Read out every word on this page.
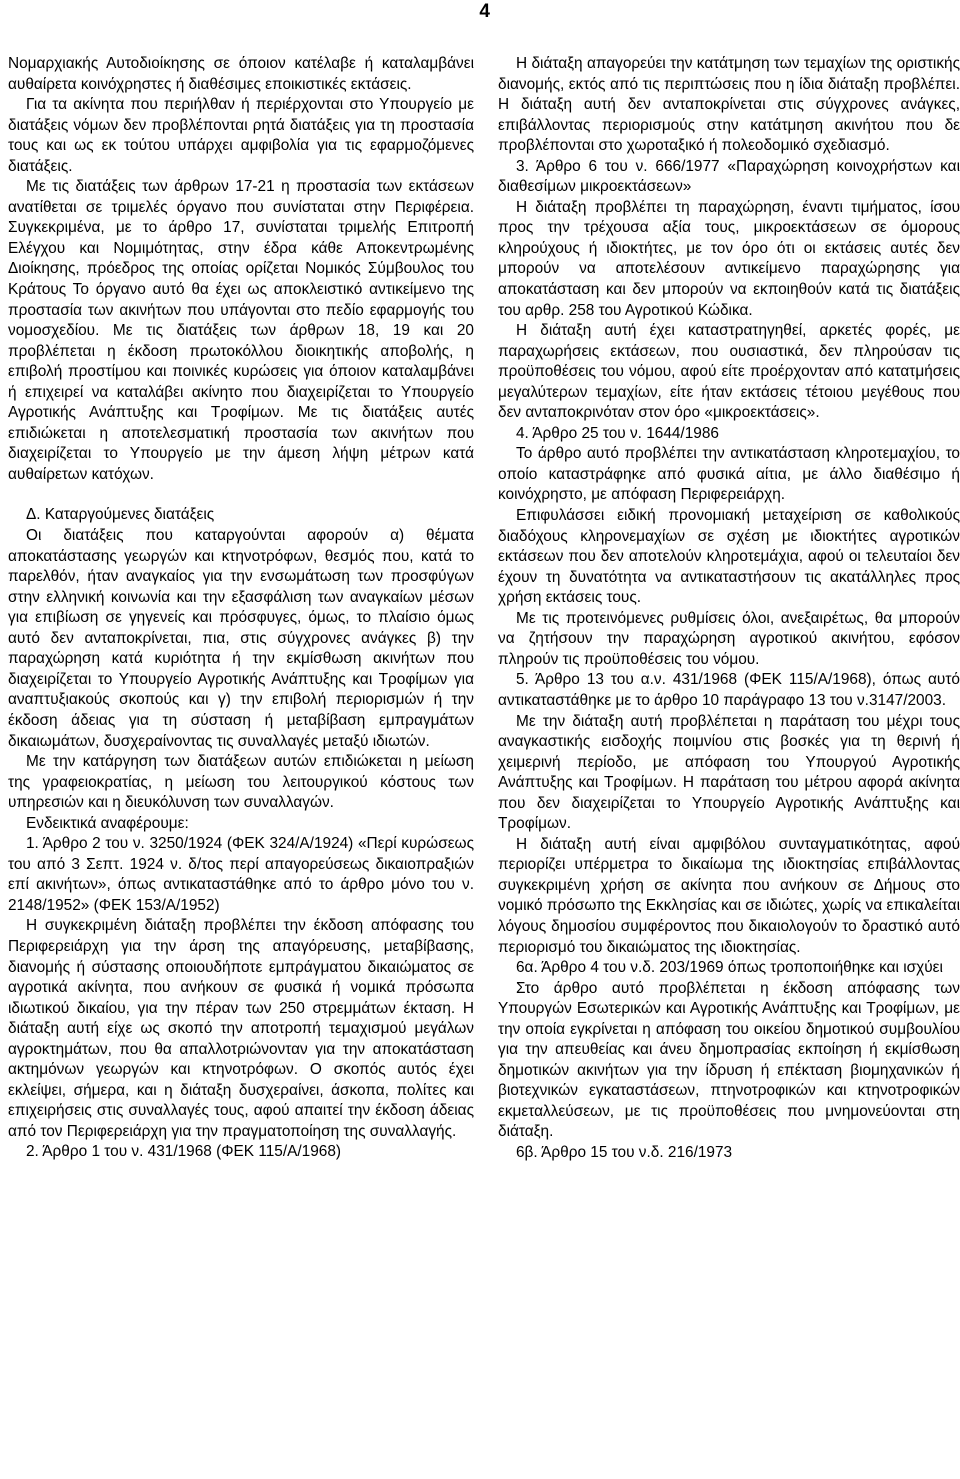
4

Νομαρχιακής Αυτοδιοίκησης σε όποιον κατέλαβε ή καταλαμβάνει αυθαίρετα κοινόχρηστες ή διαθέσιμες εποικιστικές εκτάσεις.

Για τα ακίνητα που περιήλθαν ή περιέρχονται στο Υπουργείο με διατάξεις νόμων δεν προβλέπονται ρητά διατάξεις για τη προστασία τους και ως εκ τούτου υπάρχει αμφιβολία για τις εφαρμοζόμενες διατάξεις.

Με τις διατάξεις των άρθρων 17-21 η προστασία των εκτάσεων ανατίθεται σε τριμελές όργανο που συνίσταται στην Περιφέρεια. Συγκεκριμένα, με το άρθρο 17, συνίσταται τριμελής Επιτροπή Ελέγχου και Νομιμότητας, στην έδρα κάθε Αποκεντρωμένης Διοίκησης, πρόεδρος της οποίας ορίζεται Νομικός Σύμβουλος του Κράτους Το όργανο αυτό θα έχει ως αποκλειστικό αντικείμενο της προστασία των ακινήτων που υπάγονται στο πεδίο εφαρμογής του νομοσχεδίου. Με τις διατάξεις των άρθρων 18, 19 και 20 προβλέπεται η έκδοση πρωτοκόλλου διοικητικής αποβολής, η επιβολή προστίμου και ποινικές κυρώσεις για όποιον καταλαμβάνει ή επιχειρεί να καταλάβει ακίνητο που διαχειρίζεται το Υπουργείο Αγροτικής Ανάπτυξης και Τροφίμων. Με τις διατάξεις αυτές επιδιώκεται η αποτελεσματική προστασία των ακινήτων που διαχειρίζεται το Υπουργείο με την άμεση λήψη μέτρων κατά αυθαίρετων κατόχων.

Δ. Καταργούμενες διατάξεις

Οι διατάξεις που καταργούνται αφορούν α) θέματα αποκατάστασης γεωργών και κτηνοτρόφων, θεσμός που, κατά το παρελθόν, ήταν αναγκαίος για την ενσωμάτωση των προσφύγων στην ελληνική κοινωνία και την εξασφάλιση των αναγκαίων μέσων για επιβίωση σε γηγενείς και πρόσφυγες, όμως, το πλαίσιο όμως αυτό δεν ανταποκρίνεται, πια, στις σύγχρονες ανάγκες β) την παραχώρηση κατά κυριότητα ή την εκμίσθωση ακινήτων που διαχειρίζεται το Υπουργείο Αγροτικής Ανάπτυξης και Τροφίμων για αναπτυξιακούς σκοπούς και γ) την επιβολή περιορισμών ή την έκδοση άδειας για τη σύσταση ή μεταβίβαση εμπραγμάτων δικαιωμάτων, δυσχεραίνοντας τις συναλλαγές μεταξύ ιδιωτών.

Με την κατάργηση των διατάξεων αυτών επιδιώκεται η μείωση της γραφειοκρατίας, η μείωση του λειτουργικού κόστους των υπηρεσιών και η διευκόλυνση των συναλλαγών.

Ενδεικτικά αναφέρουμε:

1. Άρθρο 2 του ν. 3250/1924 (ΦΕΚ 324/Α/1924) «Περί κυρώσεως του από 3 Σεπτ. 1924 ν. δ/τος περί απαγορεύσεως δικαιοπραξιών επί ακινήτων», όπως αντικαταστάθηκε από το άρθρο μόνο του ν. 2148/1952» (ΦΕΚ 153/Α/1952)

Η συγκεκριμένη διάταξη προβλέπει την έκδοση απόφασης του Περιφερειάρχη για την άρση της απαγόρευσης, μεταβίβασης, διανομής ή σύστασης οποιουδήποτε εμπράγματου δικαιώματος σε αγροτικά ακίνητα, που ανήκουν σε φυσικά ή νομικά πρόσωπα ιδιωτικού δικαίου, για την πέραν των 250 στρεμμάτων έκταση. Η διάταξη αυτή είχε ως σκοπό την αποτροπή τεμαχισμού μεγάλων αγροκτημάτων, που θα απαλλοτριώνονταν για την αποκατάσταση ακτημόνων γεωργών και κτηνοτρόφων. Ο σκοπός αυτός έχει εκλείψει, σήμερα, και η διάταξη δυσχεραίνει, άσκοπα, πολίτες και επιχειρήσεις στις συναλλαγές τους, αφού απαιτεί την έκδοση άδειας από τον Περιφερειάρχη για την πραγματοποίηση της συναλλαγής.

2. Άρθρο 1 του ν. 431/1968 (ΦΕΚ 115/Α/1968)

Η διάταξη απαγορεύει την κατάτμηση των τεμαχίων της οριστικής διανομής, εκτός από τις περιπτώσεις που η ίδια διάταξη προβλέπει. Η διάταξη αυτή δεν ανταποκρίνεται στις σύγχρονες ανάγκες, επιβάλλοντας περιορισμούς στην κατάτμηση ακινήτου που δε προβλέπονται στο χωροταξικό ή πολεοδομικό σχεδιασμό.

3. Άρθρο 6 του ν. 666/1977 «Παραχώρηση κοινοχρήστων και διαθεσίμων μικροεκτάσεων»

Η διάταξη προβλέπει τη παραχώρηση, έναντι τιμήματος, ίσου προς την τρέχουσα αξία τους, μικροεκτάσεων σε όμορους κληρούχους ή ιδιοκτήτες, με τον όρο ότι οι εκτάσεις αυτές δεν μπορούν να αποτελέσουν αντικείμενο παραχώρησης για αποκατάσταση και δεν μπορούν να εκποιηθούν κατά τις διατάξεις του αρθρ. 258 του Αγροτικού Κώδικα.

Η διάταξη αυτή έχει καταστρατηγηθεί, αρκετές φορές, με παραχωρήσεις εκτάσεων, που ουσιαστικά, δεν πληρούσαν τις προϋποθέσεις του νόμου, αφού είτε προέρχονταν από κατατμήσεις μεγαλύτερων τεμαχίων, είτε ήταν εκτάσεις τέτοιου μεγέθους που δεν ανταποκρινόταν στον όρο «μικροεκτάσεις».

4. Άρθρο 25 του ν. 1644/1986

Το άρθρο αυτό προβλέπει την αντικατάσταση κληροτεμαχίου, το οποίο καταστράφηκε από φυσικά αίτια, με άλλο διαθέσιμο ή κοινόχρηστο, με απόφαση Περιφερειάρχη.

Επιφυλάσσει ειδική προνομιακή μεταχείριση σε καθολικούς διαδόχους κληρονεμαχίων σε σχέση με ιδιοκτήτες αγροτικών εκτάσεων που δεν αποτελούν κληροτεμάχια, αφού οι τελευταίοι δεν έχουν τη δυνατότητα να αντικαταστήσουν τις ακατάλληλες προς χρήση εκτάσεις τους.

Με τις προτεινόμενες ρυθμίσεις όλοι, ανεξαιρέτως, θα μπορούν να ζητήσουν την παραχώρηση αγροτικού ακινήτου, εφόσον πληρούν τις προϋποθέσεις του νόμου.

5. Άρθρο 13 του α.ν. 431/1968 (ΦΕΚ 115/Α/1968), όπως αυτό αντικαταστάθηκε με το άρθρο 10 παράγραφο 13 του ν.3147/2003.

Με την διάταξη αυτή προβλέπεται η παράταση του μέχρι τους αναγκαστικής εισδοχής ποιμνίου στις βοσκές για τη θερινή ή χειμερινή περίοδο, με απόφαση του Υπουργού Αγροτικής Ανάπτυξης και Τροφίμων. Η παράταση του μέτρου αφορά ακίνητα που δεν διαχειρίζεται το Υπουργείο Αγροτικής Ανάπτυξης και Τροφίμων.

Η διάταξη αυτή είναι αμφιβόλου συνταγματικότητας, αφού περιορίζει υπέρμετρα το δικαίωμα της ιδιοκτησίας επιβάλλοντας συγκεκριμένη χρήση σε ακίνητα που ανήκουν σε Δήμους στο νομικό πρόσωπο της Εκκλησίας και σε ιδιώτες, χωρίς να επικαλείται λόγους δημοσίου συμφέροντος που δικαιολογούν το δραστικό αυτό περιορισμό του δικαιώματος της ιδιοκτησίας.

6α. Άρθρο 4 του ν.δ. 203/1969 όπως τροποποιήθηκε και ισχύει

Στο άρθρο αυτό προβλέπεται η έκδοση απόφασης των Υπουργών Εσωτερικών και Αγροτικής Ανάπτυξης και Τροφίμων, με την οποία εγκρίνεται η απόφαση του οικείου δημοτικού συμβουλίου για την απευθείας και άνευ δημοπρασίας εκποίηση ή εκμίσθωση δημοτικών ακινήτων για την ίδρυση ή επέκταση βιομηχανικών ή βιοτεχνικών εγκαταστάσεων, πτηνοτροφικών και κτηνοτροφικών εκμεταλλεύσεων, με τις προϋποθέσεις που μνημονεύονται στη διάταξη.

6β. Άρθρο 15 του ν.δ. 216/1973
